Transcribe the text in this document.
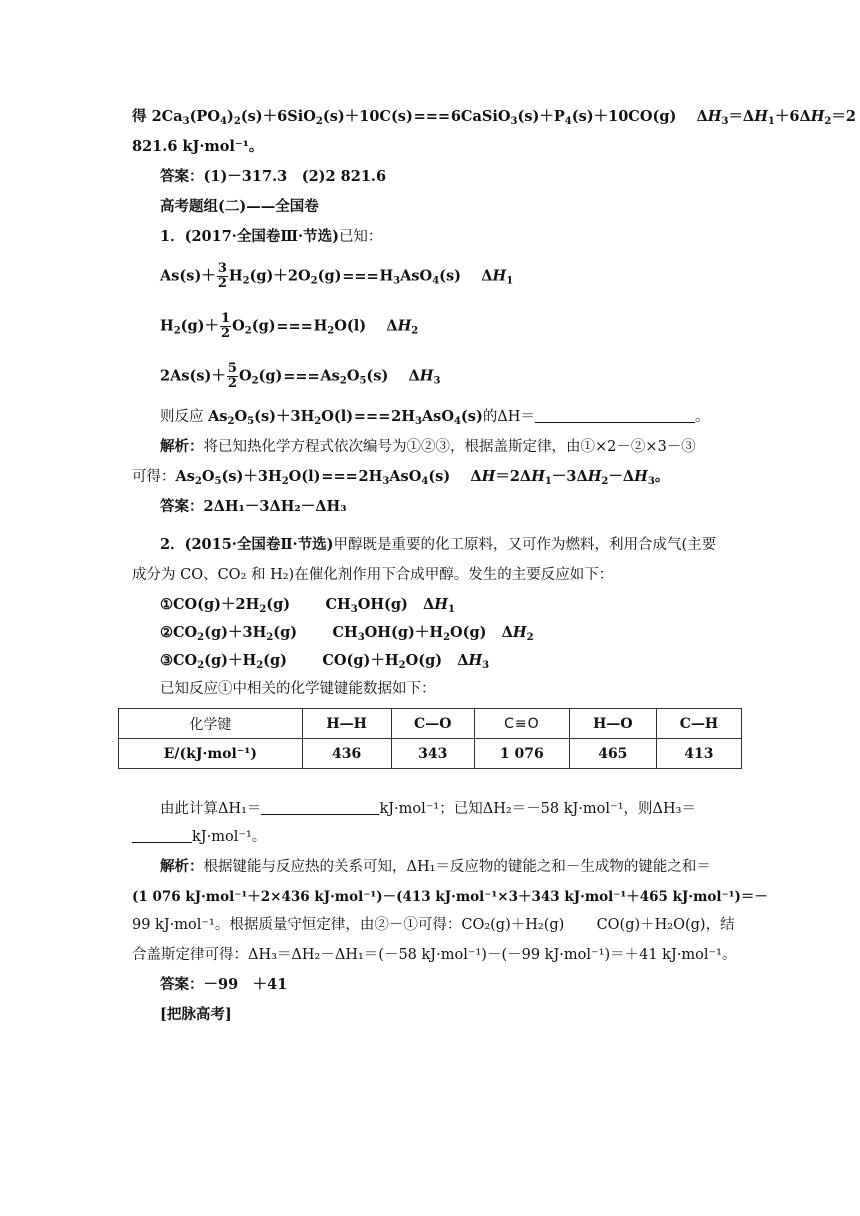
得 $2Ca_3(PO_4)_2(s)+6SiO_2(s)+10C(s)===6CaSiO_3(s)+P_4(s)+10CO(g)$    $\Delta H_3=\Delta H_1+6\Delta H_2=2$
821.6 kJ·mol⁻¹。
答案：(1)－317.3　(2)2 821.6
高考题组(二)——全国卷
1．(2017·全国卷Ⅲ·节选)已知：
$As(s)+ \frac{3}{2} H_2(g)+2O_2(g)===H_3AsO_4(s)$    $\Delta H_1$
$H_2(g)+ \frac{1}{2} O_2(g)===H_2O(l)$    $\Delta H_2$
$2As(s)+ \frac{5}{2} O_2(g)===As_2O_5(s)$    $\Delta H_3$
则反应 $As_2O_5(s)+3H_2O(l)===2H_3AsO_4(s)$的ΔH＝	。
解析：将已知热化学方程式依次编号为①②③，根据盖斯定律，由①×2－②×3－③
可得：$As_2O_5(s)+3H_2O(l)===2H_3AsO_4(s)$    $\Delta H=2\Delta H_1-3\Delta H_2-\Delta H_3$。
答案：2ΔH₁－3ΔH₂－ΔH₃
2．(2015·全国卷Ⅱ·节选)甲醇既是重要的化工原料，又可作为燃料，利用合成气(主要
成分为 CO、CO₂ 和 H₂)在催化剂作用下合成甲醇。发生的主要反应如下：
$①CO(g)+2H_2(g)$       $CH_3OH(g)$   $\Delta H_1$
$②CO_2(g)+3H_2(g)$       $CH_3OH(g)+H_2O(g)$   $\Delta H_2$
$③CO_2(g)+H_2(g)$       $CO(g)+H_2O(g)$   $\Delta H_3$
已知反应①中相关的化学键键能数据如下：
化学键	H—H	C—O	C≡O	H—O	C—H
E/(kJ·mol⁻¹)	436	343	1 076	465	413
由此计算ΔH₁＝	kJ·mol⁻¹；已知ΔH₂＝－58 kJ·mol⁻¹，则ΔH₃＝
kJ·mol⁻¹。
解析：根据键能与反应热的关系可知，ΔH₁＝反应物的键能之和－生成物的键能之和＝
(1 076 kJ·mol⁻¹＋2×436 kJ·mol⁻¹)－(413 kJ·mol⁻¹×3＋343 kJ·mol⁻¹＋465 kJ·mol⁻¹)＝－
99 kJ·mol⁻¹。根据质量守恒定律，由②－①可得：CO₂(g)＋H₂(g) CO(g)＋H₂O(g)，结
合盖斯定律可得：ΔH₃＝ΔH₂－ΔH₁＝(－58 kJ·mol⁻¹)－(－99 kJ·mol⁻¹)＝＋41 kJ·mol⁻¹。
答案：－99　＋41
[把脉高考]
